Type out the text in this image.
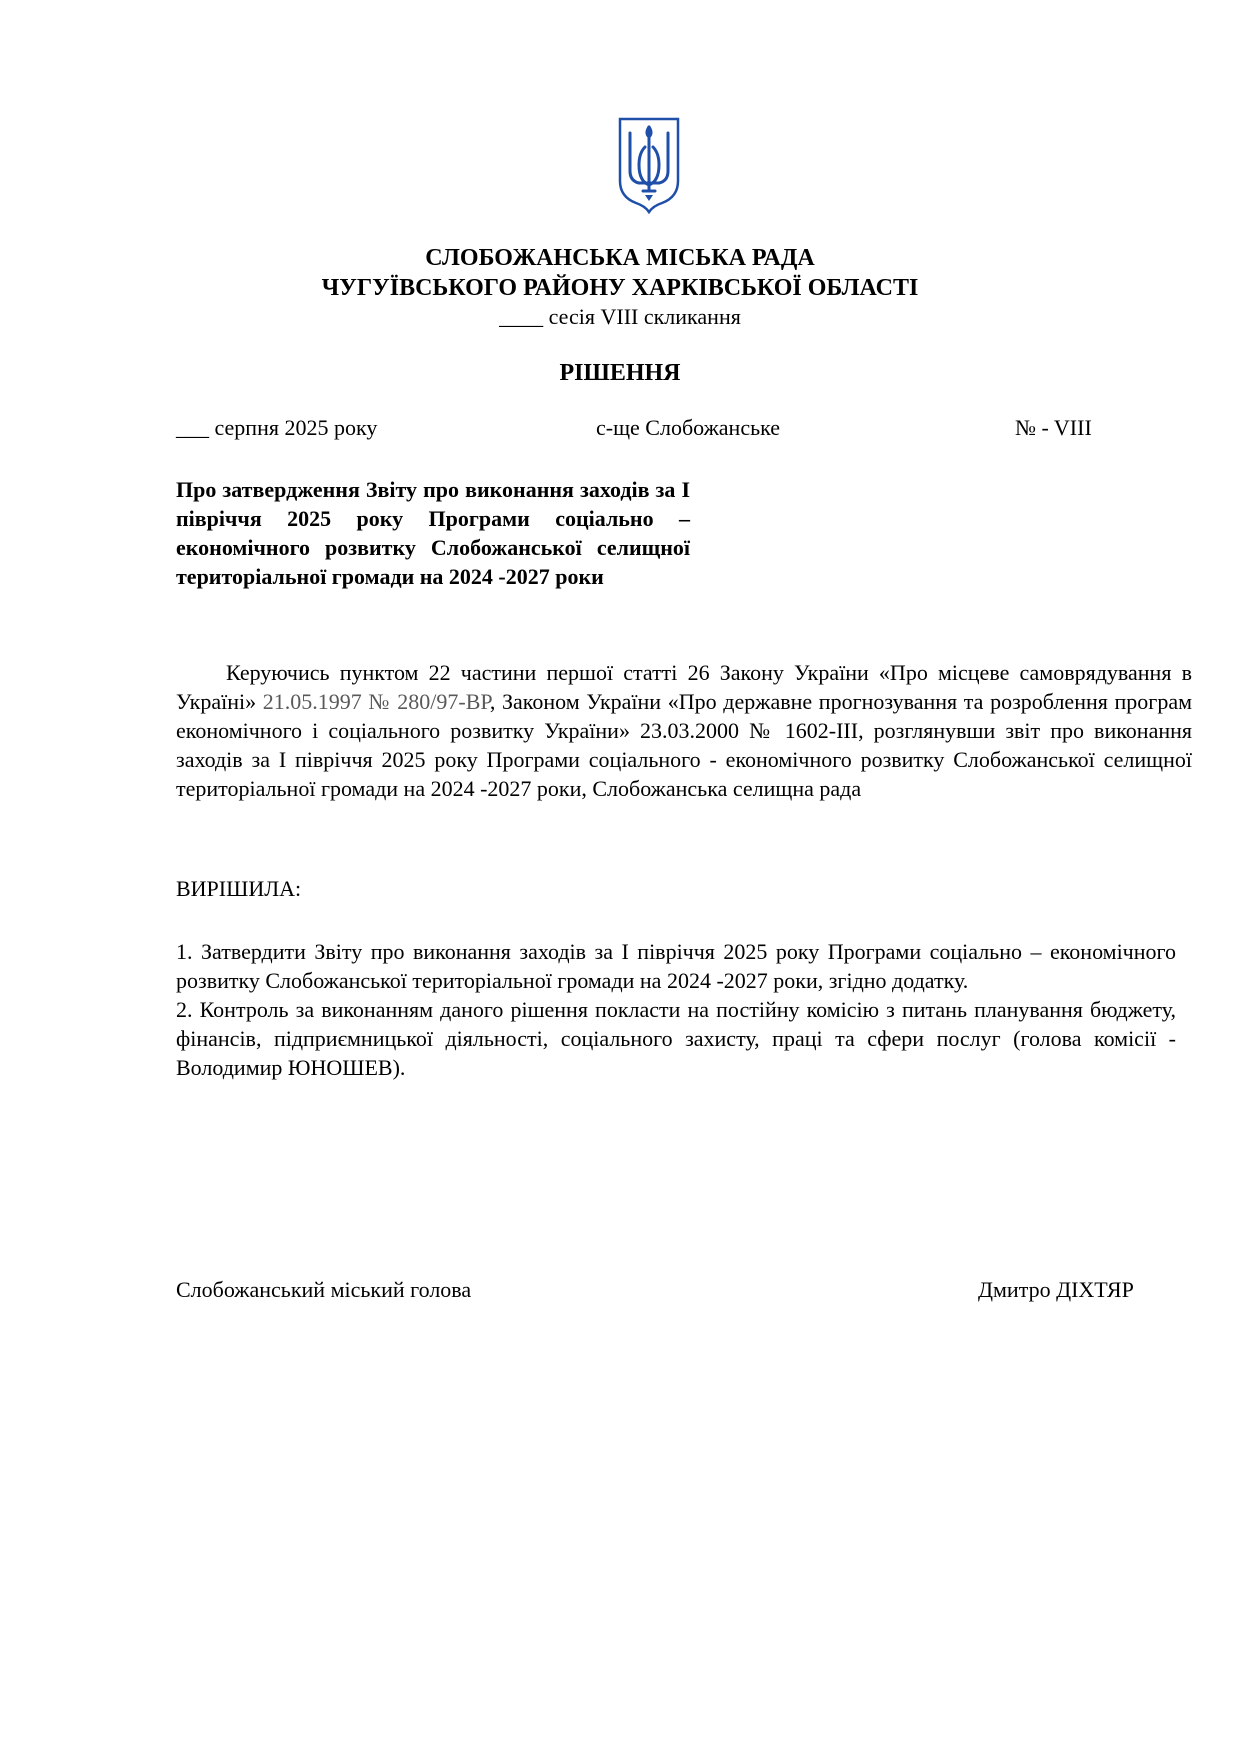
СЛОБОЖАНСЬКА МІСЬКА РАДА
ЧУГУЇВСЬКОГО РАЙОНУ ХАРКІВСЬКОЇ ОБЛАСТІ
____ сесія VIII скликання
РІШЕННЯ
___ серпня 2025 року	с-ще Слобожанське	№ - VIII
Про затвердження Звіту про виконання заходів за І півріччя 2025 року Програми соціально – економічного розвитку Слобожанської селищної територіальної громади на 2024 -2027 роки
Керуючись пунктом 22 частини першої статті 26 Закону України «Про місцеве самоврядування в Україні» 21.05.1997 № 280/97-ВР, Законом України «Про державне прогнозування та розроблення програм економічного і соціального розвитку України» 23.03.2000 № 1602-ІІІ, розглянувши звіт про виконання заходів за І півріччя 2025 року Програми соціального - економічного розвитку Слобожанської селищної територіальної громади на 2024 -2027 роки, Слобожанська селищна рада
ВИРІШИЛА:

1. Затвердити Звіту про виконання заходів за І півріччя 2025 року Програми соціально – економічного розвитку Слобожанської територіальної громади на 2024 -2027 роки, згідно додатку.

2. Контроль за виконанням даного рішення покласти на постійну комісію з питань планування бюджету, фінансів, підприємницької діяльності, соціального захисту, праці та сфери послуг (голова комісії - Володимир ЮНОШЕВ).

Слобожанський міський голова	Дмитро ДІХТЯР
